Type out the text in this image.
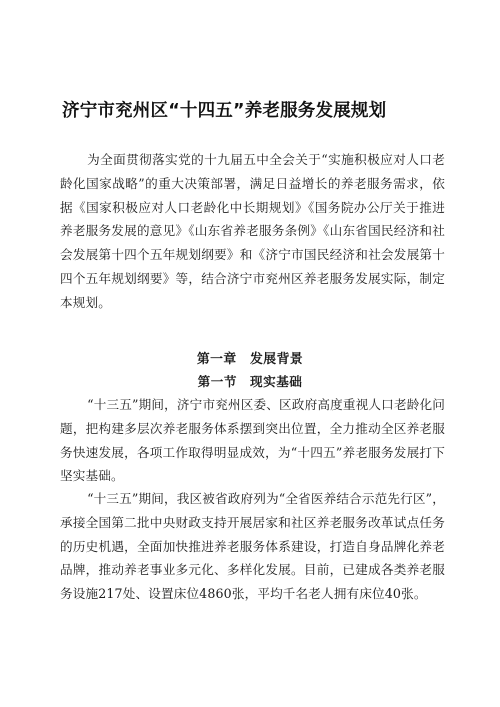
济宁市兖州区“十四五”养老服务发展规划

为全面贯彻落实党的十九届五中全会关于“实施积极应对人口老龄化国家战略”的重大决策部署，满足日益增长的养老服务需求，依据《国家积极应对人口老龄化中长期规划》《国务院办公厅关于推进养老服务发展的意见》《山东省养老服务条例》《山东省国民经济和社会发展第十四个五年规划纲要》和《济宁市国民经济和社会发展第十四个五年规划纲要》等，结合济宁市兖州区养老服务发展实际，制定本规划。

第一章　发展背景
第一节　现实基础

“十三五”期间，济宁市兖州区委、区政府高度重视人口老龄化问题，把构建多层次养老服务体系摆到突出位置，全力推动全区养老服务快速发展，各项工作取得明显成效，为“十四五”养老服务发展打下坚实基础。

“十三五”期间，我区被省政府列为“全省医养结合示范先行区”，承接全国第二批中央财政支持开展居家和社区养老服务改革试点任务的历史机遇，全面加快推进养老服务体系建设，打造自身品牌化养老品牌，推动养老事业多元化、多样化发展。目前，已建成各类养老服务设施217处、设置床位4860张，平均千名老人拥有床位40张。
